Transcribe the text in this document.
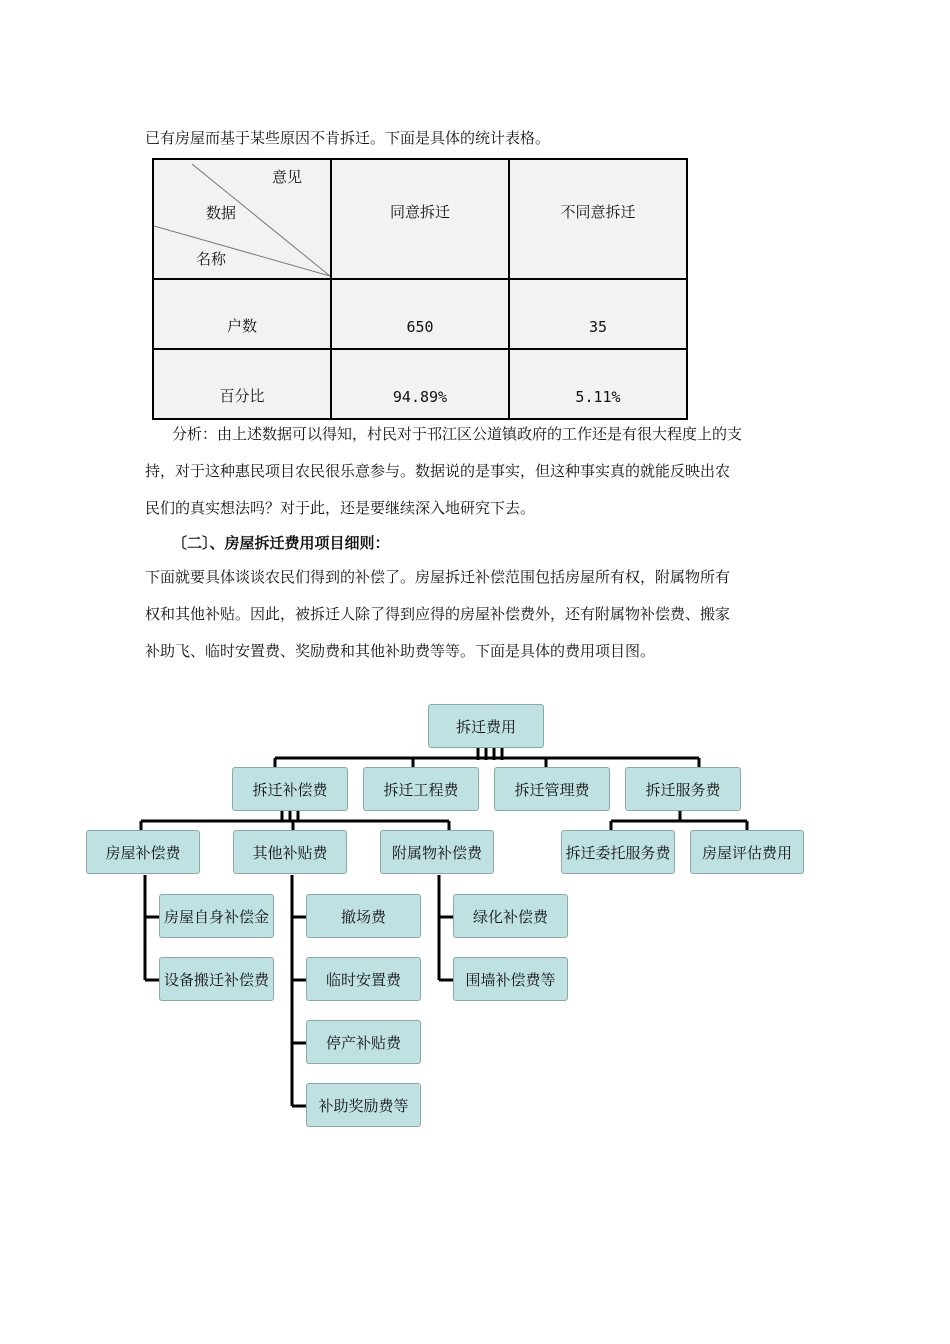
已有房屋而基于某些原因不肯拆迁。下面是具体的统计表格。
意见
数据
名称	同意拆迁	不同意拆迁
户数	650	35
百分比	94.89%	5.11%
分析：由上述数据可以得知，村民对于邗江区公道镇政府的工作还是有很大程度上的支
持，对于这种惠民项目农民很乐意参与。数据说的是事实，但这种事实真的就能反映出农
民们的真实想法吗？对于此，还是要继续深入地研究下去。
〔二〕、房屋拆迁费用项目细则：
下面就要具体谈谈农民们得到的补偿了。房屋拆迁补偿范围包括房屋所有权，附属物所有
权和其他补贴。因此，被拆迁人除了得到应得的房屋补偿费外，还有附属物补偿费、搬家
补助飞、临时安置费、奖励费和其他补助费等等。下面是具体的费用项目图。
拆迁费用
拆迁补偿费	拆迁工程费	拆迁管理费	拆迁服务费
房屋补偿费	其他补贴费	附属物补偿费	拆迁委托服务费	房屋评估费用
房屋自身补偿金
设备搬迁补偿费
撤场费
临时安置费
停产补贴费
补助奖励费等
绿化补偿费
围墙补偿费等
